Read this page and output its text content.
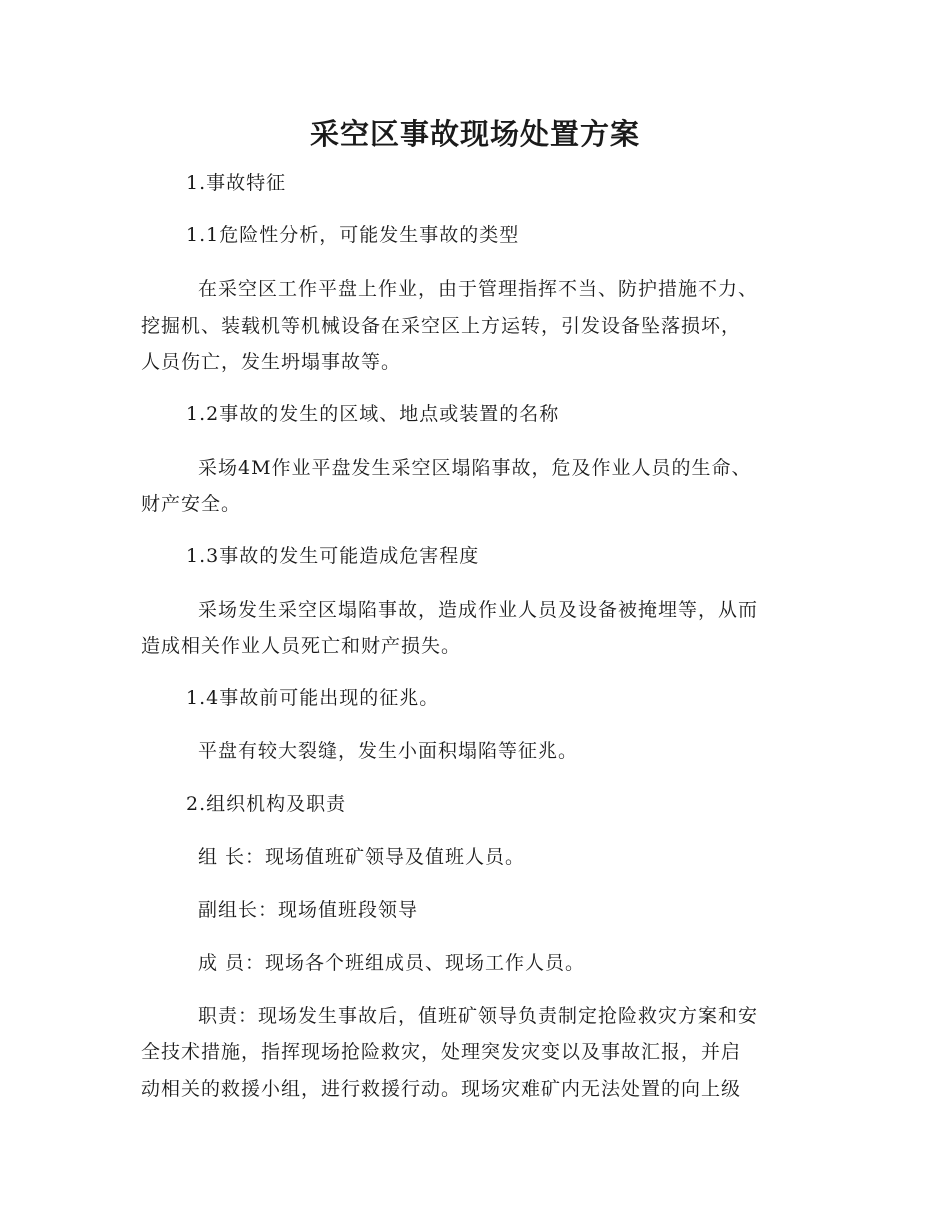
采空区事故现场处置方案
1.事故特征
1.1危险性分析，可能发生事故的类型
在采空区工作平盘上作业，由于管理指挥不当、防护措施不力、
挖掘机、装载机等机械设备在采空区上方运转，引发设备坠落损坏，
人员伤亡，发生坍塌事故等。
1.2事故的发生的区域、地点或装置的名称
采场4M作业平盘发生采空区塌陷事故，危及作业人员的生命、
财产安全。
1.3事故的发生可能造成危害程度
采场发生采空区塌陷事故，造成作业人员及设备被掩埋等，从而
造成相关作业人员死亡和财产损失。
1.4事故前可能出现的征兆。
平盘有较大裂缝，发生小面积塌陷等征兆。
2.组织机构及职责
组 长：现场值班矿领导及值班人员。
副组长：现场值班段领导
成 员：现场各个班组成员、现场工作人员。
职责：现场发生事故后，值班矿领导负责制定抢险救灾方案和安
全技术措施，指挥现场抢险救灾，处理突发灾变以及事故汇报，并启
动相关的救援小组，进行救援行动。现场灾难矿内无法处置的向上级
